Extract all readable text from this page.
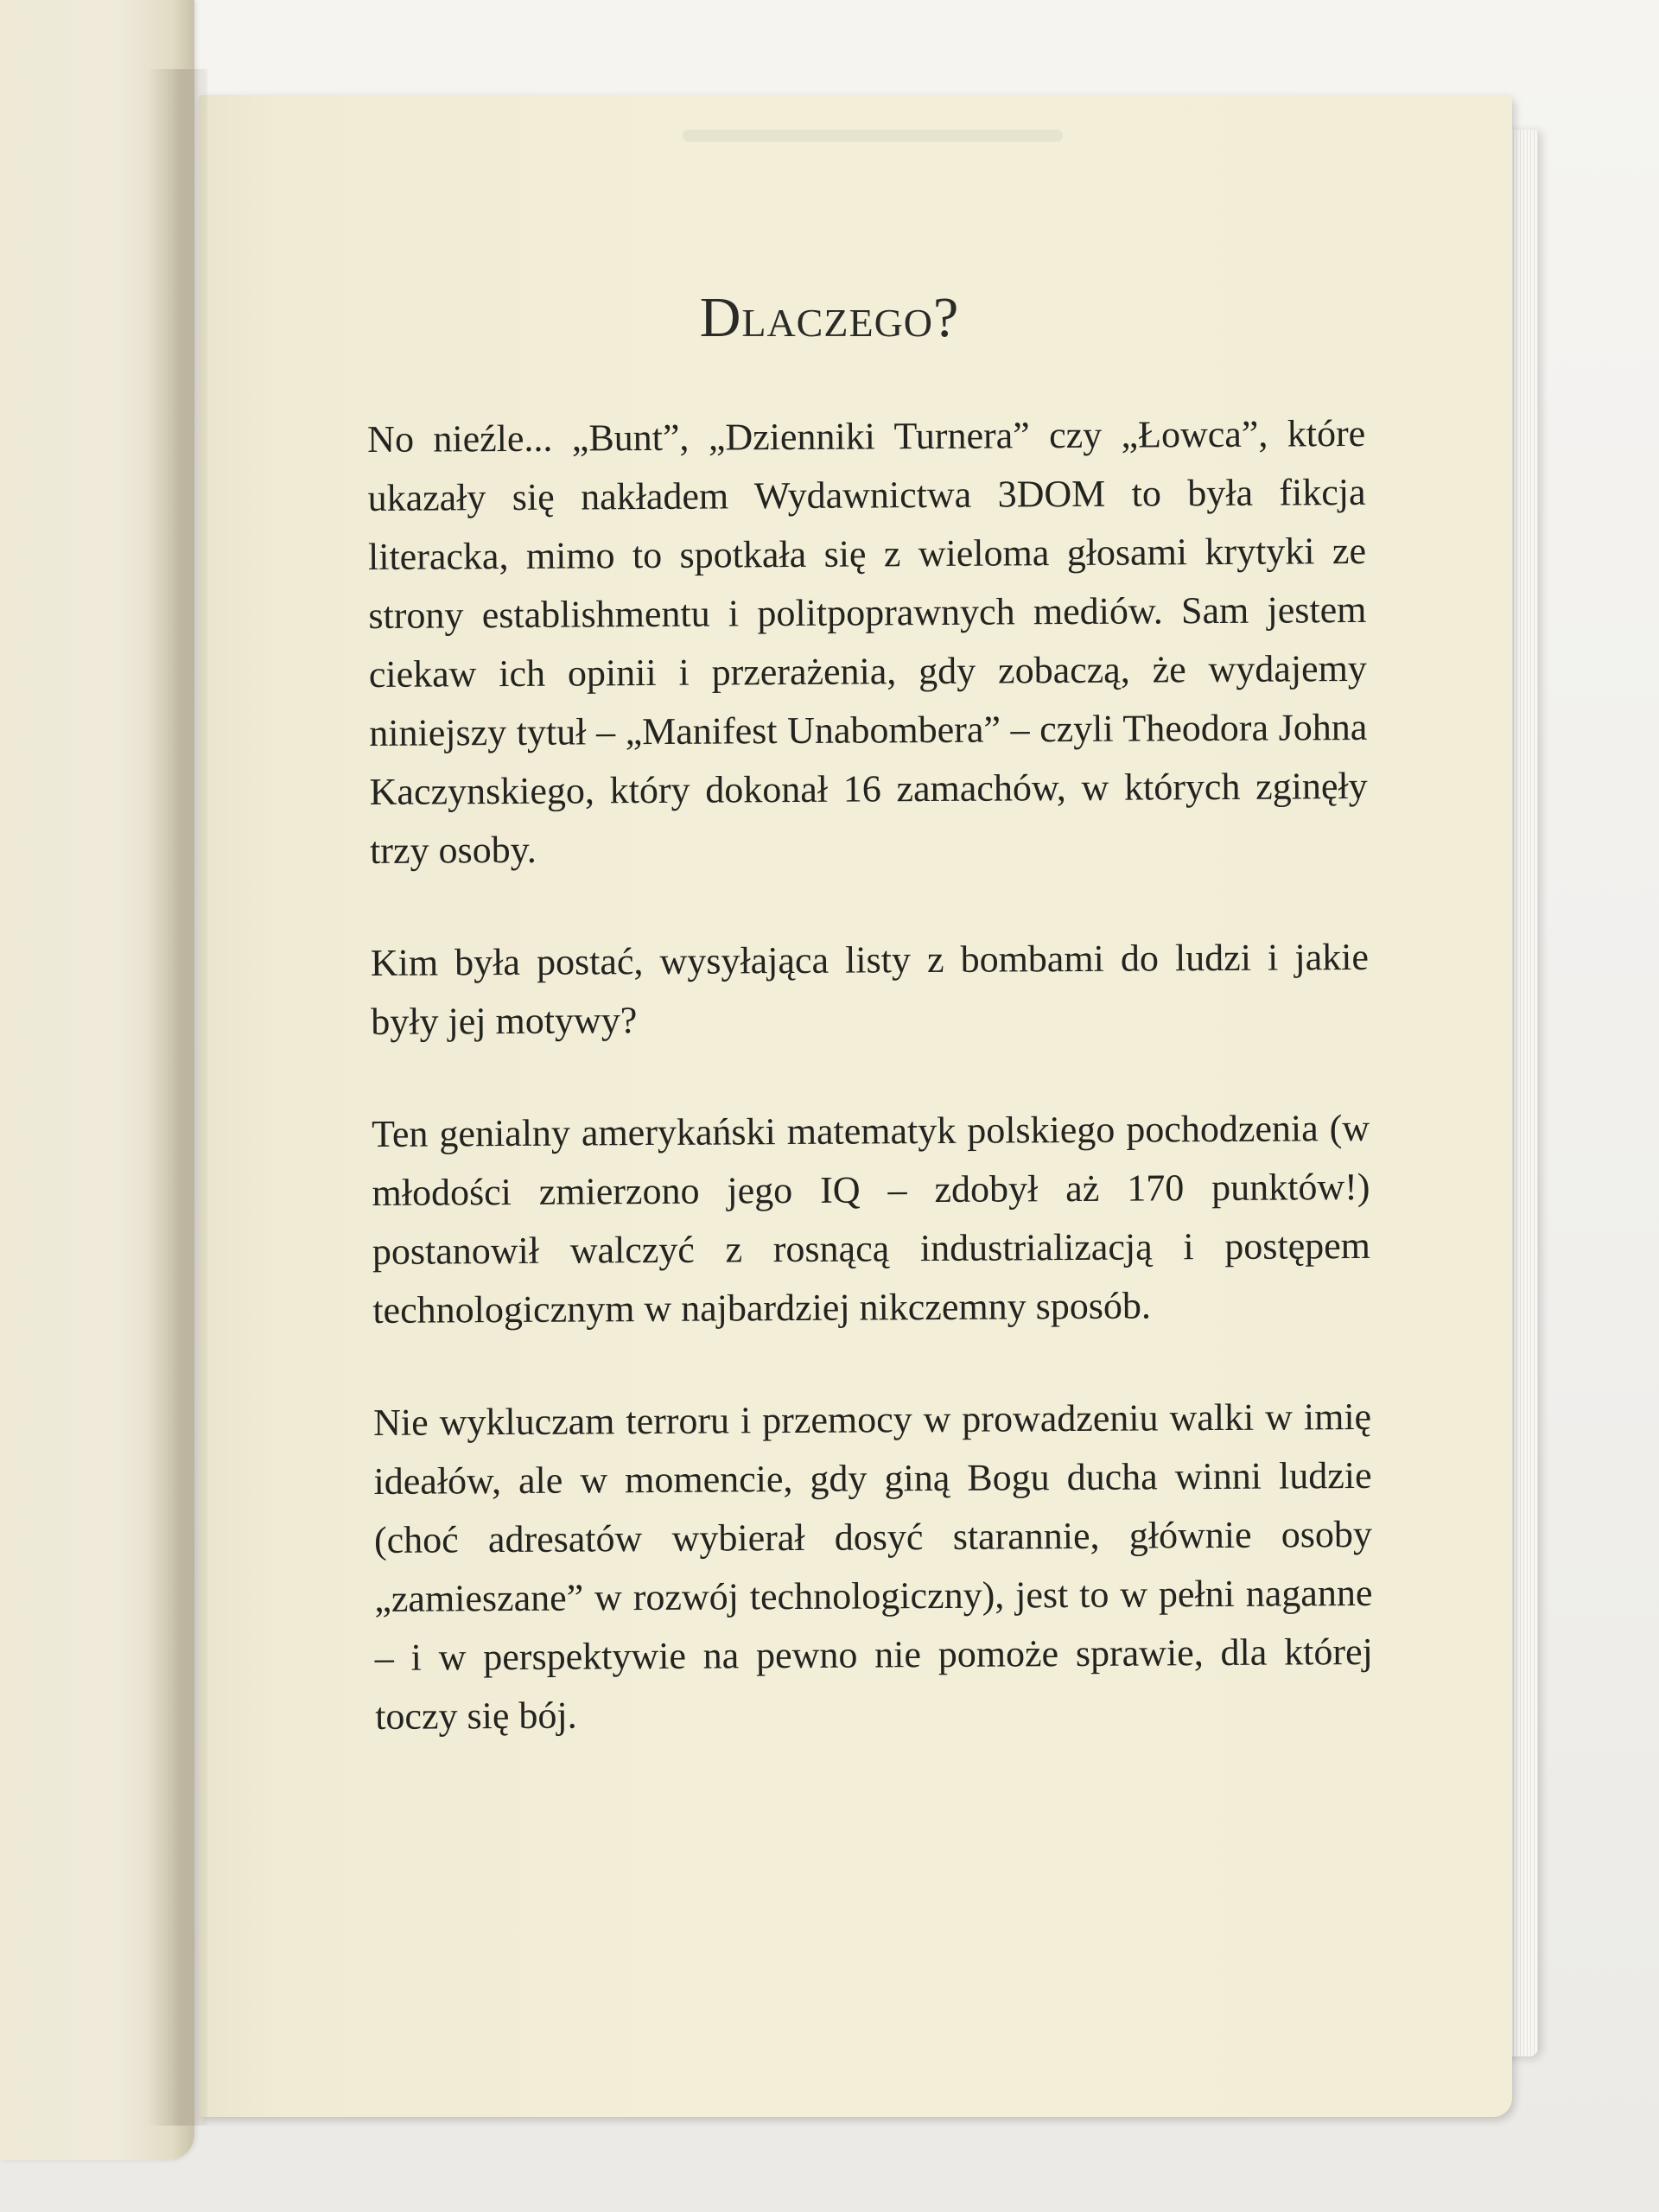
Dlaczego?

No nieźle... „Bunt”, „Dzienniki Turnera” czy „Łowca”, które ukazały się nakładem Wydawnictwa 3DOM to była fikcja literacka, mimo to spotkała się z wieloma głosami krytyki ze strony establishmentu i politpoprawnych mediów. Sam jestem ciekaw ich opinii i przerażenia, gdy zobaczą, że wydajemy niniejszy tytuł – „Manifest Unabombera” – czyli Theodora Johna Kaczynskiego, który dokonał 16 zamachów, w których zginęły trzy osoby.

Kim była postać, wysyłająca listy z bombami do ludzi i jakie były jej motywy?

Ten genialny amerykański matematyk polskiego pochodzenia (w młodości zmierzono jego IQ – zdobył aż 170 punktów!) postanowił walczyć z rosnącą industrializacją i postępem technologicznym w najbardziej nikczemny sposób.

Nie wykluczam terroru i przemocy w prowadzeniu walki w imię ideałów, ale w momencie, gdy giną Bogu ducha winni ludzie (choć adresatów wybierał dosyć starannie, głównie osoby „zamieszane” w rozwój technologiczny), jest to w pełni naganne – i w perspektywie na pewno nie pomoże sprawie, dla której toczy się bój.
